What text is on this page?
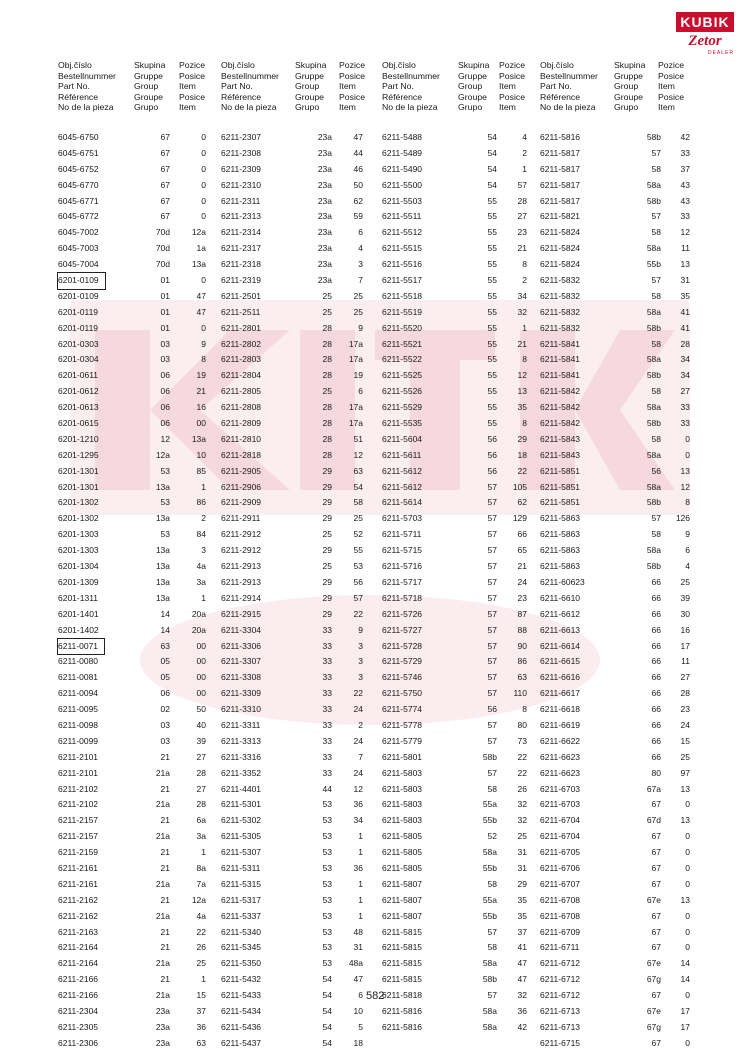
KUBIK
Zetor
DEALER
Obj.číslo
Bestellnummer
Part No.
Référence
No de la pieza
Skupina
Gruppe
Group
Groupe
Grupo
Pozice
Posice
Item
Posice
Item
6045-6750	67	0
6045-6751	67	0
6045-6752	67	0
6045-6770	67	0
6045-6771	67	0
6045-6772	67	0
6045-7002	70d	12a
6045-7003	70d	1a
6045-7004	70d	13a
6201-0109	01	0
6201-0109	01	47
6201-0119	01	47
6201-0119	01	0
6201-0303	03	9
6201-0304	03	8
6201-0611	06	19
6201-0612	06	21
6201-0613	06	16
6201-0615	06	00
6201-1210	12	13a
6201-1295	12a	10
6201-1301	53	85
6201-1301	13a	1
6201-1302	53	86
6201-1302	13a	2
6201-1303	53	84
6201-1303	13a	3
6201-1304	13a	4a
6201-1309	13a	3a
6201-1311	13a	1
6201-1401	14	20a
6201-1402	14	20a
6211-0071	63	00
6211-0080	05	00
6211-0081	05	00
6211-0094	06	00
6211-0095	02	50
6211-0098	03	40
6211-0099	03	39
6211-2101	21	27
6211-2101	21a	28
6211-2102	21	27
6211-2102	21a	28
6211-2157	21	6a
6211-2157	21a	3a
6211-2159	21	1
6211-2161	21	8a
6211-2161	21a	7a
6211-2162	21	12a
6211-2162	21a	4a
6211-2163	21	22
6211-2164	21	26
6211-2164	21a	25
6211-2166	21	1
6211-2166	21a	15
6211-2304	23a	37
6211-2305	23a	36
6211-2306	23a	63
Obj.číslo
Bestellnummer
Part No.
Référence
No de la pieza
Skupina
Gruppe
Group
Groupe
Grupo
Pozice
Posice
Item
Posice
Item
6211-2307	23a	47
6211-2308	23a	44
6211-2309	23a	46
6211-2310	23a	50
6211-2311	23a	62
6211-2313	23a	59
6211-2314	23a	6
6211-2317	23a	4
6211-2318	23a	3
6211-2319	23a	7
6211-2501	25	25
6211-2511	25	25
6211-2801	28	9
6211-2802	28 17a
6211-2803	28 17a
6211-2804	28	19
6211-2805	25	6
6211-2808	28 17a
6211-2809	28 17a
6211-2810	28	51
6211-2818	28	12
6211-2905	29	63
6211-2906	29	54
6211-2909	29	58
6211-2911	29	25
6211-2912	25	52
6211-2912	29	55
6211-2913	25	53
6211-2913	29	56
6211-2914	29	57
6211-2915	29	22
6211-3304	33	9
6211-3306	33	3
6211-3307	33	3
6211-3308	33	3
6211-3309	33	22
6211-3310	33	24
6211-3311	33	2
6211-3313	33	24
6211-3316	33	7
6211-3352	33	24
6211-4401	44	12
6211-5301	53	36
6211-5302	53	34
6211-5305	53	1
6211-5307	53	1
6211-5311	53	36
6211-5315	53	1
6211-5317	53	1
6211-5337	53	1
6211-5340	53	48
6211-5345	53	31
6211-5350	53 48a
6211-5432	54	47
6211-5433	54	6
6211-5434	54	10
6211-5436	54	5
6211-5437	54	18
Obj.číslo
Bestellnummer
Part No.
Référence
No de la pieza
Skupina
Gruppe
Group
Groupe
Grupo
Pozice
Posice
Item
Posice
Item
6211-5488	54	4
6211-5489	54	2
6211-5490	54	1
6211-5500	54 57
6211-5503	55 28
6211-5511	55 27
6211-5512	55 23
6211-5515	55 21
6211-5516	55	8
6211-5517	55	2
6211-5518	55 34
6211-5519	55 32
6211-5520	55	1
6211-5521	55 21
6211-5522	55	8
6211-5525	55 12
6211-5526	55 13
6211-5529	55 35
6211-5535	55	8
6211-5604	56 29
6211-5611	56 18
6211-5612	56 22
6211-5612	57 105
6211-5614	57 62
6211-5703	57 129
6211-5711	57 66
6211-5715	57 65
6211-5716	57 21
6211-5717	57 24
6211-5718	57 23
6211-5726	57 87
6211-5727	57 88
6211-5728	57 90
6211-5729	57 86
6211-5746	57 63
6211-5750	57 110
6211-5774	56	8
6211-5778	57 80
6211-5779	57 73
6211-5801	58b 22
6211-5803	57 22
6211-5803	58 26
6211-5803	55a 32
6211-5803	55b 32
6211-5805	52 25
6211-5805	58a 31
6211-5805	55b 31
6211-5807	58 29
6211-5807	55a 35
6211-5807	55b 35
6211-5815	57 37
6211-5815	58 41
6211-5815	58a 47
6211-5815	58b 47
6211-5818	57 32
6211-5816	58a 36
6211-5816	58a 42
Obj.číslo
Bestellnummer
Part No.
Référence
No de la pieza
Skupina
Gruppe
Group
Groupe
Grupo
Pozice
Posice
Item
Posice
Item
6211-5816	58b 42
6211-5817	57 33
6211-5817	58 37
6211-5817	58a 43
6211-5817	58b 43
6211-5821	57 33
6211-5824	58 12
6211-5824	58a 11
6211-5824	55b 13
6211-5832	57 31
6211-5832	58 35
6211-5832	58a 41
6211-5832	58b 41
6211-5841	58 28
6211-5841	58a 34
6211-5841	58b 34
6211-5842	58 27
6211-5842	58a 33
6211-5842	58b 33
6211-5843	58	0
6211-5843	58a	0
6211-5851	56 13
6211-5851	58a 12
6211-5851	58b	8
6211-5863	57 126
6211-5863	58	9
6211-5863	58a	6
6211-5863	58b	4
6211-60623	66 25
6211-6610	66 39
6211-6612	66 30
6211-6613	66 16
6211-6614	66 17
6211-6615	66 11
6211-6616	66 27
6211-6617	66 28
6211-6618	66 23
6211-6619	66 24
6211-6622	66 15
6211-6623	66 25
6211-6623	80 97
6211-6703	67a 13
6211-6703	67	0
6211-6704	67d 13
6211-6704	67	0
6211-6705	67	0
6211-6706	67	0
6211-6707	67	0
6211-6708	67e 13
6211-6708	67	0
6211-6709	67	0
6211-6711	67	0
6211-6712	67e 14
6211-6712	67g 14
6211-6712	67	0
6211-6713	67e 17
6211-6713	67g 17
6211-6715	67	0
582
